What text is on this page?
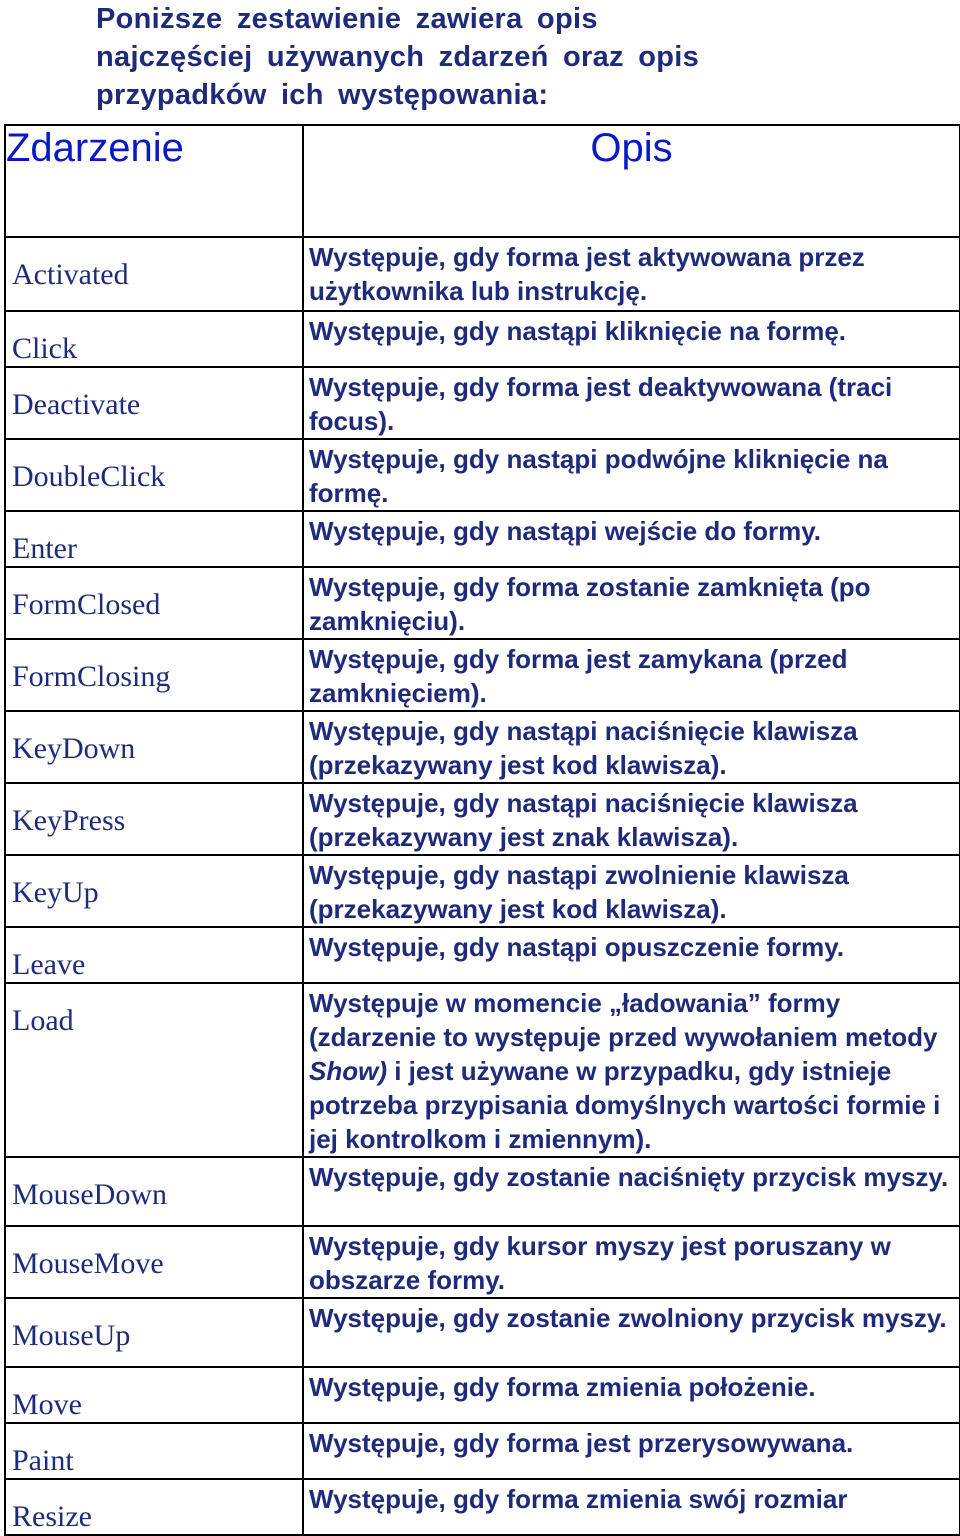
Poniższe zestawienie zawiera opis
najczęściej używanych zdarzeń oraz opis
przypadków ich występowania:
Zdarzenie	Opis
Activated	Występuje, gdy forma jest aktywowana przez użytkownika lub instrukcję.
Click	Występuje, gdy nastąpi kliknięcie na formę.
Deactivate	Występuje, gdy forma jest deaktywowana (traci focus).
DoubleClick	Występuje, gdy nastąpi podwójne kliknięcie na formę.
Enter	Występuje, gdy nastąpi wejście do formy.
FormClosed	Występuje, gdy forma zostanie zamknięta (po zamknięciu).
FormClosing	Występuje, gdy forma jest zamykana (przed zamknięciem).
KeyDown	Występuje, gdy nastąpi naciśnięcie klawisza (przekazywany jest kod klawisza).
KeyPress	Występuje, gdy nastąpi naciśnięcie klawisza (przekazywany jest znak klawisza).
KeyUp	Występuje, gdy nastąpi zwolnienie klawisza (przekazywany jest kod klawisza).
Leave	Występuje, gdy nastąpi opuszczenie formy.
Load	Występuje w momencie „ładowania” formy (zdarzenie to występuje przed wywołaniem metody Show) i jest używane w przypadku, gdy istnieje potrzeba przypisania domyślnych wartości formie i jej kontrolkom i zmiennym).
MouseDown	Występuje, gdy zostanie naciśnięty przycisk myszy.
MouseMove	Występuje, gdy kursor myszy jest poruszany w obszarze formy.
MouseUp	Występuje, gdy zostanie zwolniony przycisk myszy.
Move	Występuje, gdy forma zmienia położenie.
Paint	Występuje, gdy forma jest przerysowywana.
Resize	Występuje, gdy forma zmienia swój rozmiar
